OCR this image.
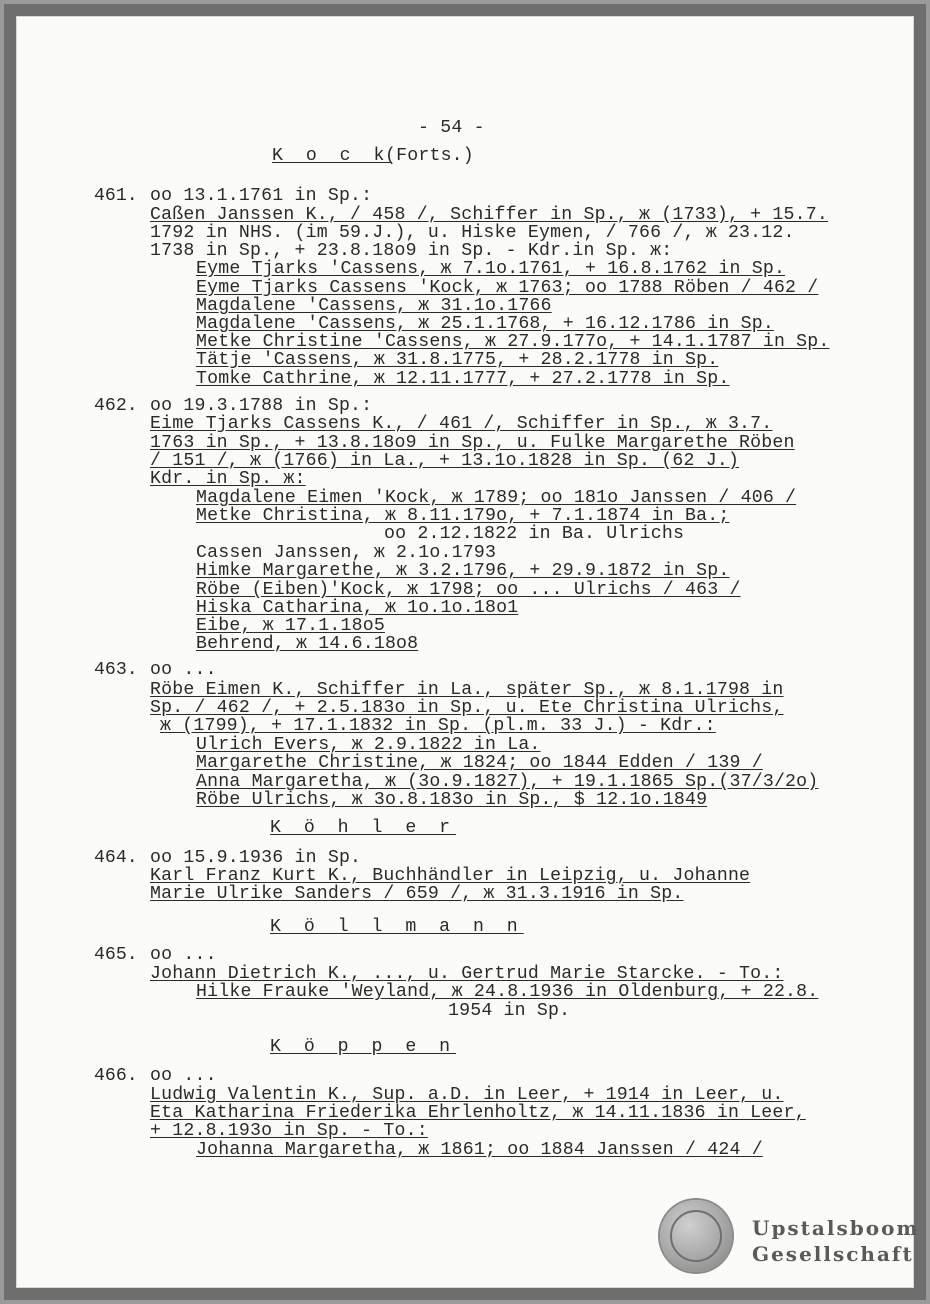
- 54 -
K o c k
(Forts.)
K ö h l e r
K ö l l m a n n
K ö p p e n
461. oo 13.1.1761 in Sp.:
Caßen Janssen K., / 458 /, Schiffer in Sp., ж (1733), + 15.7.
1792 in NHS. (im 59.J.), u. Hiske Eymen, / 766 /, ж 23.12.
1738 in Sp., + 23.8.18o9 in Sp. - Kdr.in Sp. ж:
Eyme Tjarks 'Cassens, ж 7.1o.1761, + 16.8.1762 in Sp.
Eyme Tjarks Cassens 'Kock, ж 1763; oo 1788 Röben / 462 /
Magdalene 'Cassens, ж 31.1o.1766
Magdalene 'Cassens, ж 25.1.1768, + 16.12.1786 in Sp.
Metke Christine 'Cassens, ж 27.9.177o, + 14.1.1787 in Sp.
Tätje 'Cassens, ж 31.8.1775, + 28.2.1778 in Sp.
Tomke Cathrine, ж 12.11.1777, + 27.2.1778 in Sp.
462. oo 19.3.1788 in Sp.:
Eime Tjarks Cassens K., / 461 /, Schiffer in Sp., ж 3.7.
1763 in Sp., + 13.8.18o9 in Sp., u. Fulke Margarethe Röben
/ 151 /, ж (1766) in La., + 13.1o.1828 in Sp. (62 J.)
Kdr. in Sp. ж:
Magdalene Eimen 'Kock, ж 1789; oo 181o Janssen / 406 /
Metke Christina, ж 8.11.179o, + 7.1.1874 in Ba.;
oo 2.12.1822 in Ba. Ulrichs
Cassen Janssen, ж 2.1o.1793
Himke Margarethe, ж 3.2.1796, + 29.9.1872 in Sp.
Röbe (Eiben)'Kock, ж 1798; oo ... Ulrichs / 463 /
Hiska Catharina, ж 1o.1o.18o1
Eibe, ж 17.1.18o5
Behrend, ж 14.6.18o8
463. oo ...
Röbe Eimen K., Schiffer in La., später Sp., ж 8.1.1798 in
Sp. / 462 /, + 2.5.183o in Sp., u. Ete Christina Ulrichs,
ж (1799), + 17.1.1832 in Sp. (pl.m. 33 J.) - Kdr.:
Ulrich Evers, ж 2.9.1822 in La.
Margarethe Christine, ж 1824; oo 1844 Edden / 139 /
Anna Margaretha, ж (3o.9.1827), + 19.1.1865 Sp.(37/3/2o)
Röbe Ulrichs, ж 3o.8.183o in Sp., $ 12.1o.1849
464. oo 15.9.1936 in Sp.
Karl Franz Kurt K., Buchhändler in Leipzig, u. Johanne
Marie Ulrike Sanders / 659 /, ж 31.3.1916 in Sp.
465. oo ...
Johann Dietrich K., ..., u. Gertrud Marie Starcke. - To.:
Hilke Frauke 'Weyland, ж 24.8.1936 in Oldenburg, + 22.8.
1954 in Sp.
466. oo ...
Ludwig Valentin K., Sup. a.D. in Leer, + 1914 in Leer, u.
Eta Katharina Friederika Ehrlenholtz, ж 14.11.1836 in Leer,
+ 12.8.193o in Sp. - To.:
Johanna Margaretha, ж 1861; oo 1884 Janssen / 424 /
Upstalsboom
Gesellschaft
